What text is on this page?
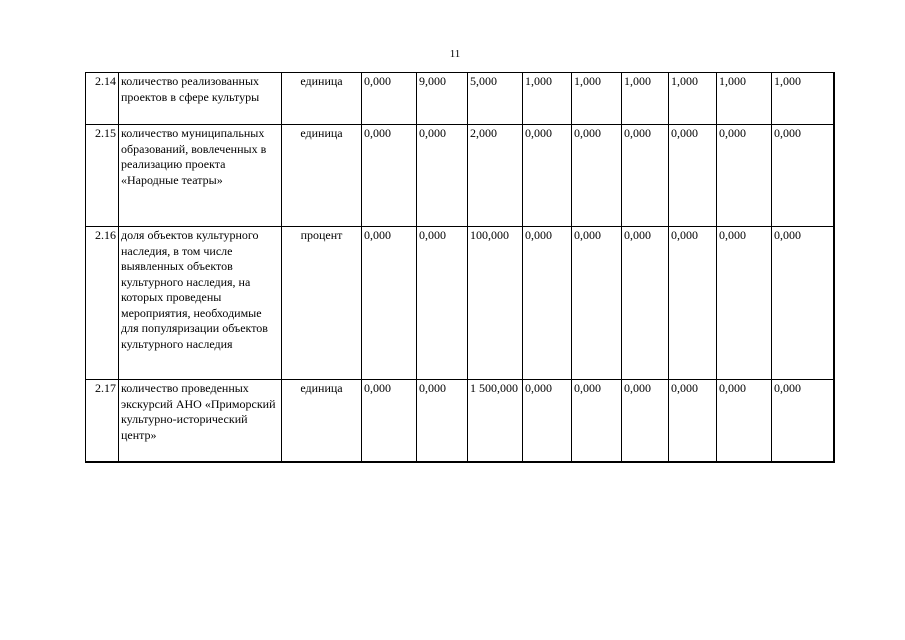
11
2.14	количество реализованных проектов в сфере культуры	единица	0,000	9,000	5,000	1,000	1,000	1,000	1,000	1,000	1,000
2.15	количество муниципальных образований, вовлеченных в реализацию проекта «Народные театры»	единица	0,000	0,000	2,000	0,000	0,000	0,000	0,000	0,000	0,000
2.16	доля объектов культурного наследия, в том числе выявленных объектов культурного наследия, на которых проведены мероприятия, необходимые для популяризации объектов культурного наследия	процент	0,000	0,000	100,000	0,000	0,000	0,000	0,000	0,000	0,000
2.17	количество проведенных экскурсий АНО «Приморский культурно-исторический центр»	единица	0,000	0,000	1 500,000	0,000	0,000	0,000	0,000	0,000	0,000
